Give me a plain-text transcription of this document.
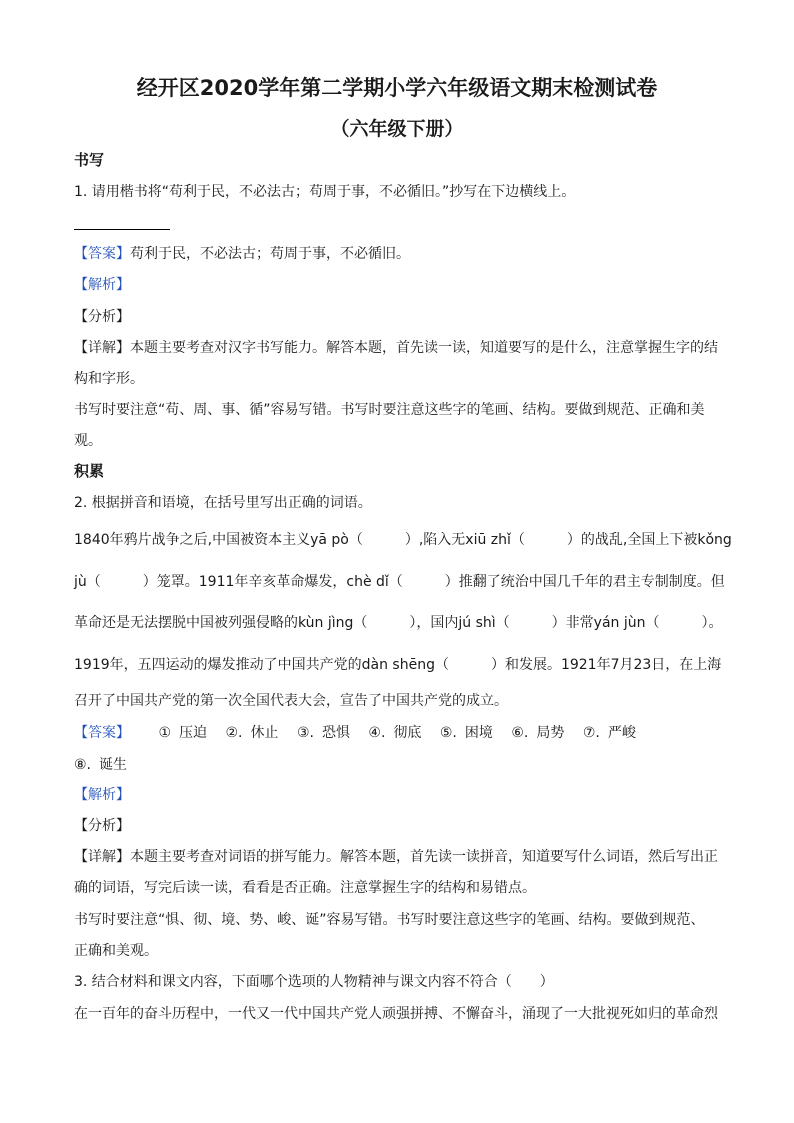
经开区2020学年第二学期小学六年级语文期末检测试卷
（六年级下册）
书写
1. 请用楷书将“苟利于民，不必法古；苟周于事，不必循旧。”抄写在下边横线上。
【答案】苟利于民，不必法古；苟周于事，不必循旧。
【解析】
【分析】
【详解】本题主要考查对汉字书写能力。解答本题，首先读一读，知道要写的是什么，注意掌握生字的结
构和字形。
书写时要注意“苟、周、事、循”容易写错。书写时要注意这些字的笔画、结构。要做到规范、正确和美
观。
积累
2. 根据拼音和语境，在括号里写出正确的词语。
1840年鸦片战争之后,中国被资本主义yā pò（　　　）,陷入无xiū zhǐ（　　　）的战乱,全国上下被kǒng
jù（　　　）笼罩。1911年辛亥革命爆发，chè dǐ（　　　）推翻了统治中国几千年的君主专制制度。但
革命还是无法摆脱中国被列强侵略的kùn jìng（　　　），国内jú shì（　　　）非常yán jùn（　　　）。
1919年，五四运动的爆发推动了中国共产党的dàn shēng（　　　）和发展。1921年7月23日，在上海
召开了中国共产党的第一次全国代表大会，宣告了中国共产党的成立。
【答案】 ① 压迫 ②. 休止 ③. 恐惧 ④. 彻底 ⑤. 困境 ⑥. 局势 ⑦. 严峻
⑧. 诞生
【解析】
【分析】
【详解】本题主要考查对词语的拼写能力。解答本题，首先读一读拼音，知道要写什么词语，然后写出正
确的词语，写完后读一读，看看是否正确。注意掌握生字的结构和易错点。
书写时要注意“惧、彻、境、势、峻、诞”容易写错。书写时要注意这些字的笔画、结构。要做到规范、
正确和美观。
3. 结合材料和课文内容，下面哪个选项的人物精神与课文内容不符合（　　）
在一百年的奋斗历程中，一代又一代中国共产党人顽强拼搏、不懈奋斗，涌现了一大批视死如归的革命烈
